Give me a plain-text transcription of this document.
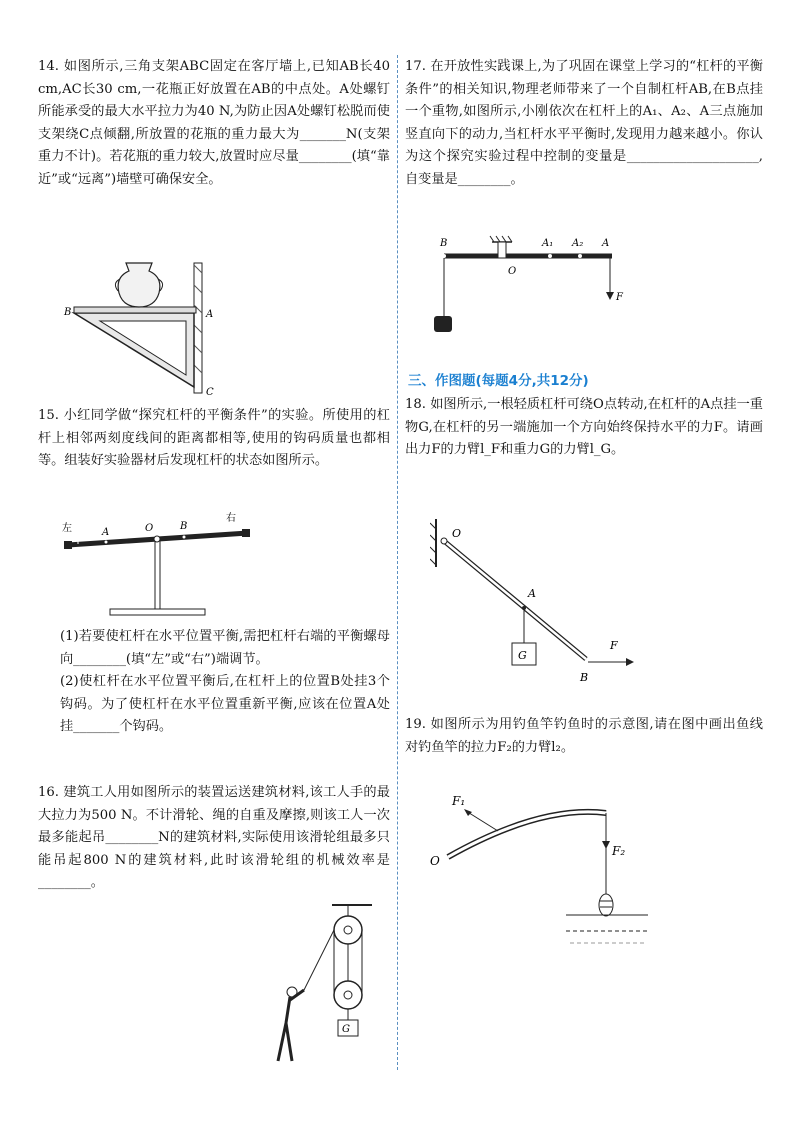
14. 如图所示,三角支架ABC固定在客厅墙上,已知AB长40 cm,AC长30 cm,一花瓶正好放置在AB的中点处。A处螺钉所能承受的最大水平拉力为40 N,为防止因A处螺钉松脱而使支架绕C点倾翻,所放置的花瓶的重力最大为_______N(支架重力不计)。若花瓶的重力较大,放置时应尽量________(填“靠近”或“远离”)墙壁可确保安全。

B	A
C

15. 小红同学做“探究杠杆的平衡条件”的实验。所使用的杠杆上相邻两刻度线间的距离都相等,使用的钩码质量也都相等。组装好实验器材后发现杠杆的状态如图所示。

左
右
A	O	B

(1)若要使杠杆在水平位置平衡,需把杠杆右端的平衡螺母向________(填“左”或“右”)端调节。

(2)使杠杆在水平位置平衡后,在杠杆上的位置B处挂3个钩码。为了使杠杆在水平位置重新平衡,应该在位置A处挂_______个钩码。

16. 建筑工人用如图所示的装置运送建筑材料,该工人手的最大拉力为500 N。不计滑轮、绳的自重及摩擦,则该工人一次最多能起吊________N的建筑材料,实际使用该滑轮组最多只能吊起800 N的建筑材料,此时该滑轮组的机械效率是________。

G

17. 在开放性实践课上,为了巩固在课堂上学习的“杠杆的平衡条件”的相关知识,物理老师带来了一个自制杠杆AB,在B点挂一个重物,如图所示,小刚依次在杠杆上的A₁、A₂、A三点施加竖直向下的动力,当杠杆水平平衡时,发现用力越来越小。你认为这个探究实验过程中控制的变量是____________________,自变量是________。

B
O
A₁ A₂ A
F
三、作图题(每题4分,共12分)

18. 如图所示,一根轻质杠杆可绕O点转动,在杠杆的A点挂一重物G,在杠杆的另一端施加一个方向始终保持水平的力F。请画出力F的力臂l_F和重力G的力臂l_G。

O
A
G
F
B

19. 如图所示为用钓鱼竿钓鱼时的示意图,请在图中画出鱼线对钓鱼竿的拉力F₂的力臂l₂。

F₁
O
F₂
